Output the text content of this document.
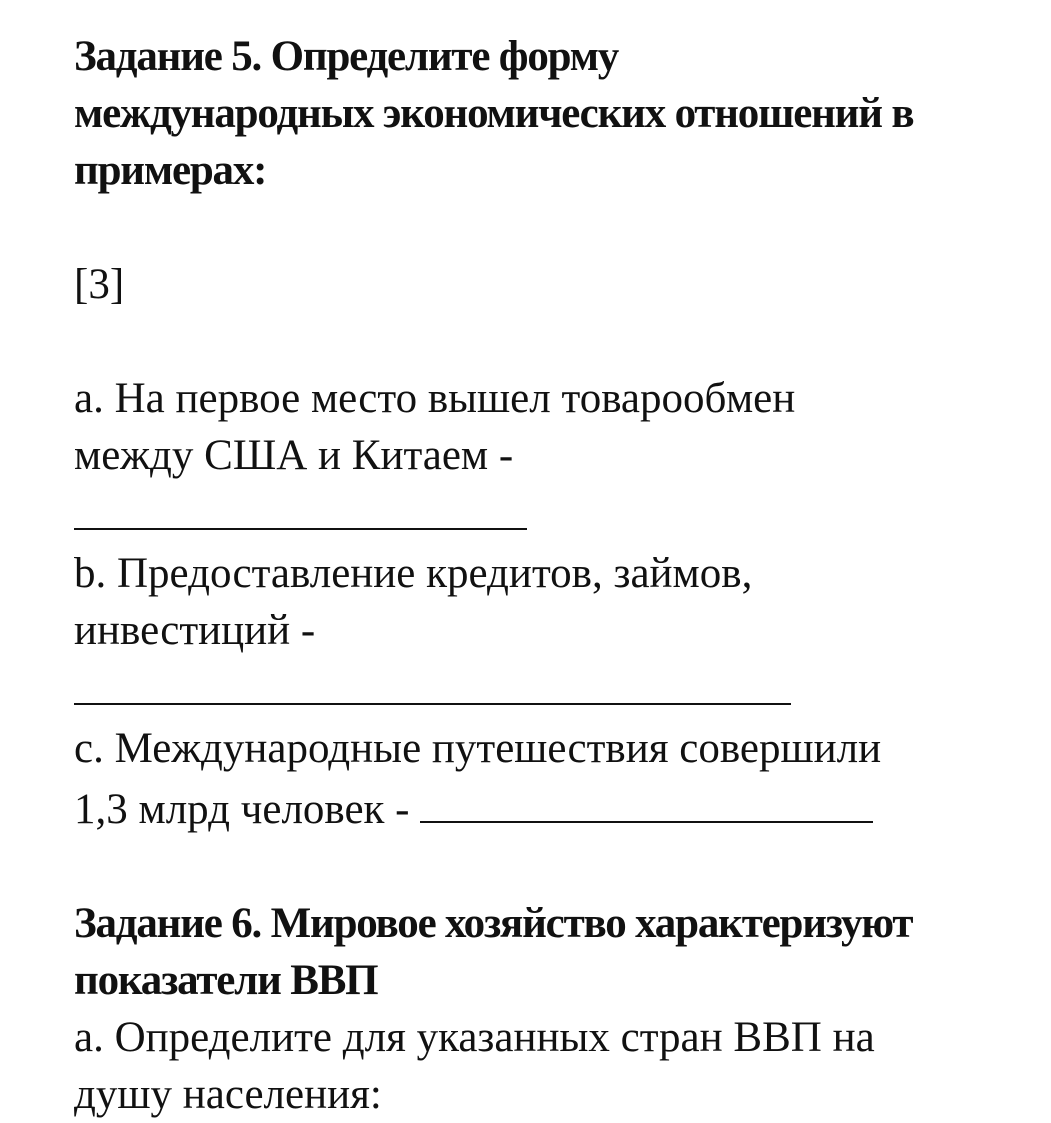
Задание 5. Определите форму

международных экономических отношений в

примерах:

[3]

a. На первое место вышел товарообмен

между США и Китаем -

b. Предоставление кредитов, займов,

инвестиций -

c. Международные путешествия совершили

1,3 млрд человек -

Задание 6. Мировое хозяйство характеризуют

показатели ВВП

a. Определите для указанных стран ВВП на

душу населения:
